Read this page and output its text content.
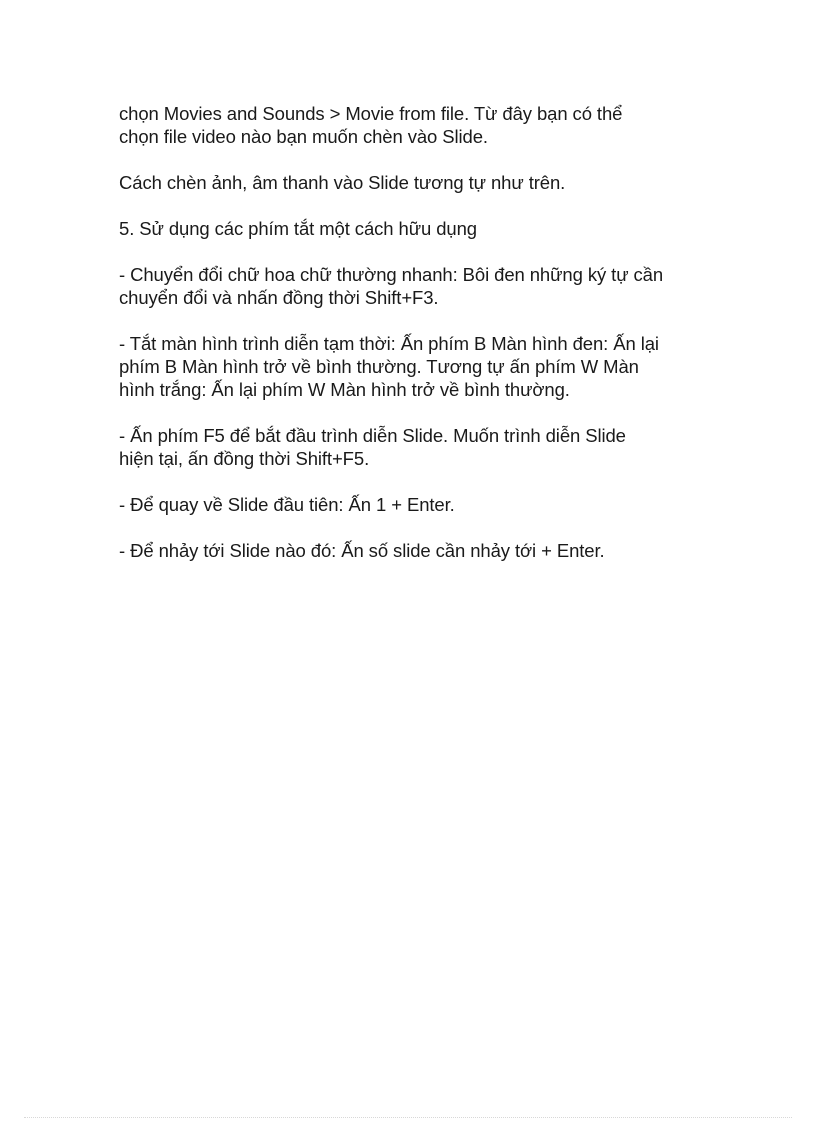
chọn Movies and Sounds > Movie from file. Từ đây bạn có thể
chọn file video nào bạn muốn chèn vào Slide.

Cách chèn ảnh, âm thanh vào Slide tương tự như trên.

5. Sử dụng các phím tắt một cách hữu dụng

- Chuyển đổi chữ hoa chữ thường nhanh: Bôi đen những ký tự cần
chuyển đổi và nhấn đồng thời Shift+F3.

- Tắt màn hình trình diễn tạm thời: Ấn phím B Màn hình đen: Ấn lại
phím B Màn hình trở về bình thường. Tương tự ấn phím W Màn
hình trắng: Ấn lại phím W Màn hình trở về bình thường.

- Ấn phím F5 để bắt đầu trình diễn Slide. Muốn trình diễn Slide
hiện tại, ấn đồng thời Shift+F5.

- Để quay về Slide đầu tiên: Ấn 1 + Enter.

- Để nhảy tới Slide nào đó: Ấn số slide cần nhảy tới + Enter.
